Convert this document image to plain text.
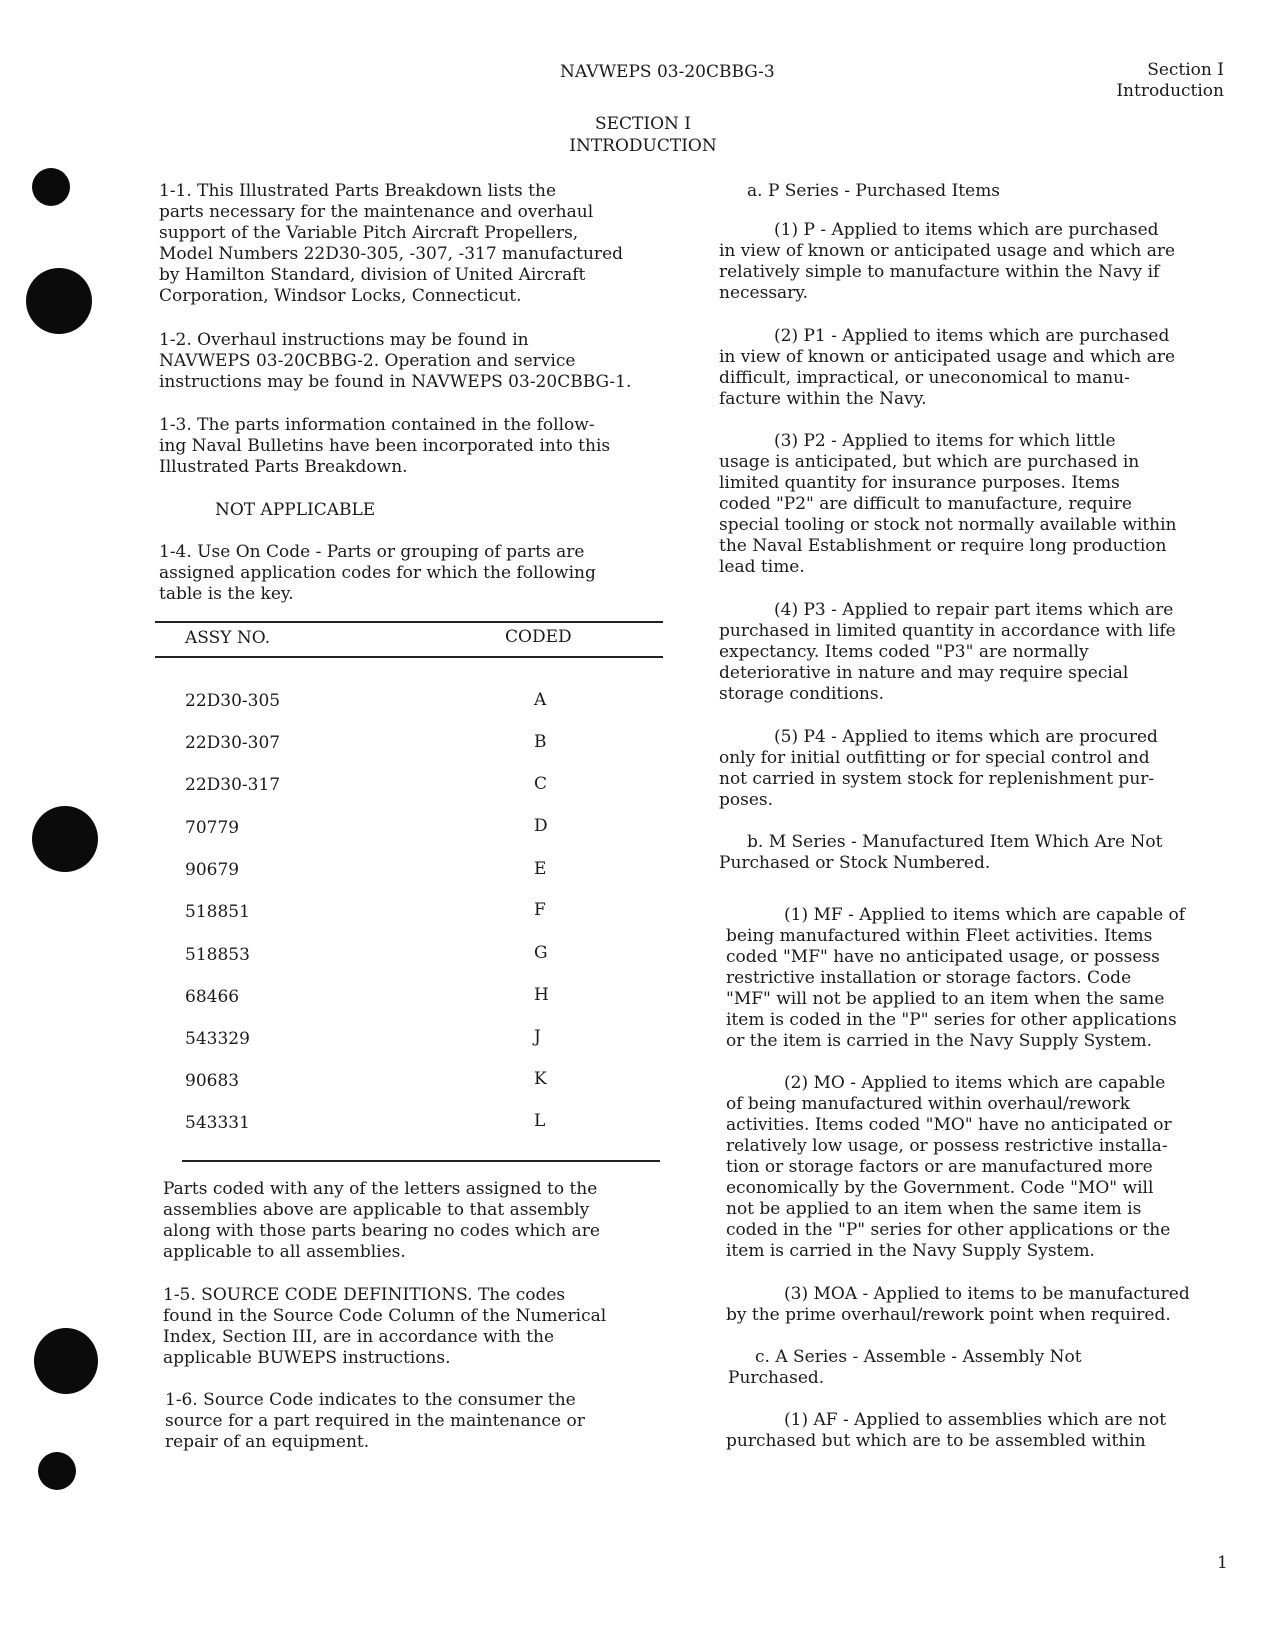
NAVWEPS 03-20CBBG-3	Section I
Introduction
SECTION I
INTRODUCTION
1-1. This Illustrated Parts Breakdown lists the
parts necessary for the maintenance and overhaul
support of the Variable Pitch Aircraft Propellers,
Model Numbers 22D30-305, -307, -317 manufactured
by Hamilton Standard, division of United Aircraft
Corporation, Windsor Locks, Connecticut.
1-2. Overhaul instructions may be found in
NAVWEPS 03-20CBBG-2. Operation and service
instructions may be found in NAVWEPS 03-20CBBG-1.
1-3. The parts information contained in the follow-
ing Naval Bulletins have been incorporated into this
Illustrated Parts Breakdown.
NOT APPLICABLE
1-4. Use On Code - Parts or grouping of parts are
assigned application codes for which the following
table is the key.
ASSY NO.	CODED
22D30-305	A
22D30-307	B
22D30-317	C
70779	D
90679	E
518851	F
518853	G
68466	H
543329	J
90683	K
543331	L
Parts coded with any of the letters assigned to the
assemblies above are applicable to that assembly
along with those parts bearing no codes which are
applicable to all assemblies.
1-5. SOURCE CODE DEFINITIONS. The codes
found in the Source Code Column of the Numerical
Index, Section III, are in accordance with the
applicable BUWEPS instructions.
1-6. Source Code indicates to the consumer the
source for a part required in the maintenance or
repair of an equipment.
a. P Series - Purchased Items
(1) P - Applied to items which are purchased
in view of known or anticipated usage and which are
relatively simple to manufacture within the Navy if
necessary.
(2) P1 - Applied to items which are purchased
in view of known or anticipated usage and which are
difficult, impractical, or uneconomical to manu-
facture within the Navy.
(3) P2 - Applied to items for which little
usage is anticipated, but which are purchased in
limited quantity for insurance purposes. Items
coded "P2" are difficult to manufacture, require
special tooling or stock not normally available within
the Naval Establishment or require long production
lead time.
(4) P3 - Applied to repair part items which are
purchased in limited quantity in accordance with life
expectancy. Items coded "P3" are normally
deteriorative in nature and may require special
storage conditions.
(5) P4 - Applied to items which are procured
only for initial outfitting or for special control and
not carried in system stock for replenishment pur-
poses.
b. M Series - Manufactured Item Which Are Not
Purchased or Stock Numbered.
(1) MF - Applied to items which are capable of
being manufactured within Fleet activities. Items
coded "MF" have no anticipated usage, or possess
restrictive installation or storage factors. Code
"MF" will not be applied to an item when the same
item is coded in the "P" series for other applications
or the item is carried in the Navy Supply System.
(2) MO - Applied to items which are capable
of being manufactured within overhaul/rework
activities. Items coded "MO" have no anticipated or
relatively low usage, or possess restrictive installa-
tion or storage factors or are manufactured more
economically by the Government. Code "MO" will
not be applied to an item when the same item is
coded in the "P" series for other applications or the
item is carried in the Navy Supply System.
(3) MOA - Applied to items to be manufactured
by the prime overhaul/rework point when required.
c. A Series - Assemble - Assembly Not
Purchased.
(1) AF - Applied to assemblies which are not
purchased but which are to be assembled within
1
